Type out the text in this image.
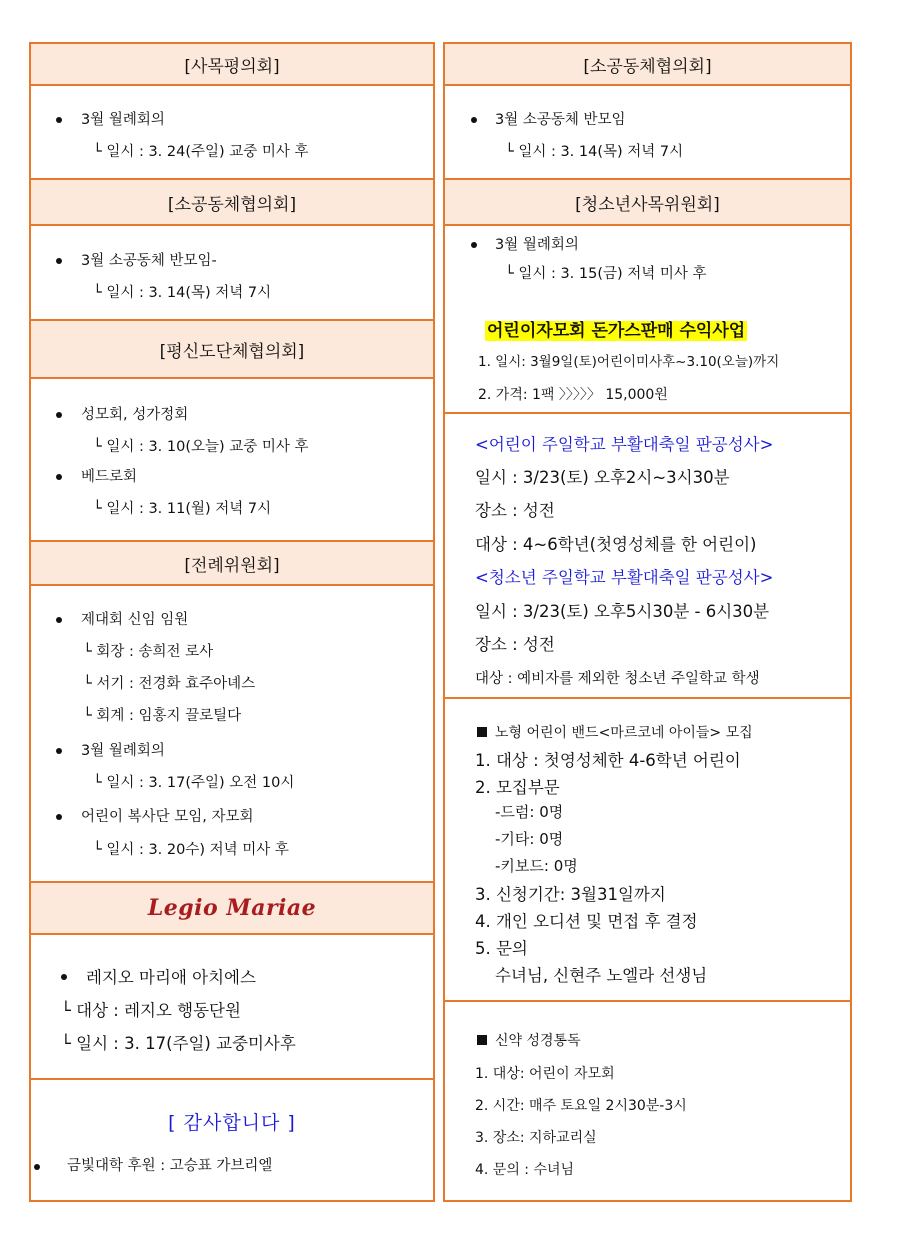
[사목평의회]
3월 월례회의
└ 일시 : 3. 24(주일) 교중 미사 후
[소공동체협의회]
3월 소공동체 반모임-
└ 일시 : 3. 14(목) 저녁 7시
[평신도단체협의회]
성모회, 성가정회
└ 일시 : 3. 10(오늘) 교중 미사 후
베드로회
└ 일시 : 3. 11(월) 저녁 7시
[전례위원회]
제대회 신임 임원
└ 회장 : 송희전 로사
└ 서기 : 전경화 효주아녜스
└ 회계 : 임홍지 끌로틸다
3월 월례회의
└ 일시 : 3. 17(주일) 오전 10시
어린이 복사단 모임, 자모회
└ 일시 : 3. 20수) 저녁 미사 후
Legio Mariae
레지오 마리애 아치에스
└ 대상 : 레지오 행동단원
└ 일시 : 3. 17(주일) 교중미사후
[ 감사합니다 ]
금빛대학 후원 : 고승표 가브리엘
[소공동체협의회]
3월 소공동체 반모임
└ 일시 : 3. 14(목) 저녁 7시
[청소년사목위원회]
3월 월례회의
└ 일시 : 3. 15(금) 저녁 미사 후
어린이자모회 돈가스판매 수익사업
1. 일시: 3월9일(토)어린이미사후~3.10(오늘)까지
2. 가격: 1팩 〉〉〉〉〉 15,000원
<어린이 주일학교 부활대축일 판공성사>
일시 : 3/23(토) 오후2시~3시30분
장소 : 성전
대상 : 4~6학년(첫영성체를 한 어린이)
<청소년 주일학교 부활대축일 판공성사>
일시 : 3/23(토) 오후5시30분 - 6시30분
장소 : 성전
대상 : 예비자를 제외한 청소년 주일학교 학생
노형 어린이 밴드<마르코네 아이들> 모집
1. 대상 : 첫영성체한 4-6학년 어린이
2. 모집부문
-드럼: 0명
-기타: 0명
-키보드: 0명
3. 신청기간: 3월31일까지
4. 개인 오디션 및 면접 후 결정
5. 문의
수녀님, 신현주 노엘라 선생님
신약 성경통독
1. 대상: 어린이 자모회
2. 시간: 매주 토요일 2시30분-3시
3. 장소: 지하교리실
4. 문의 : 수녀님
